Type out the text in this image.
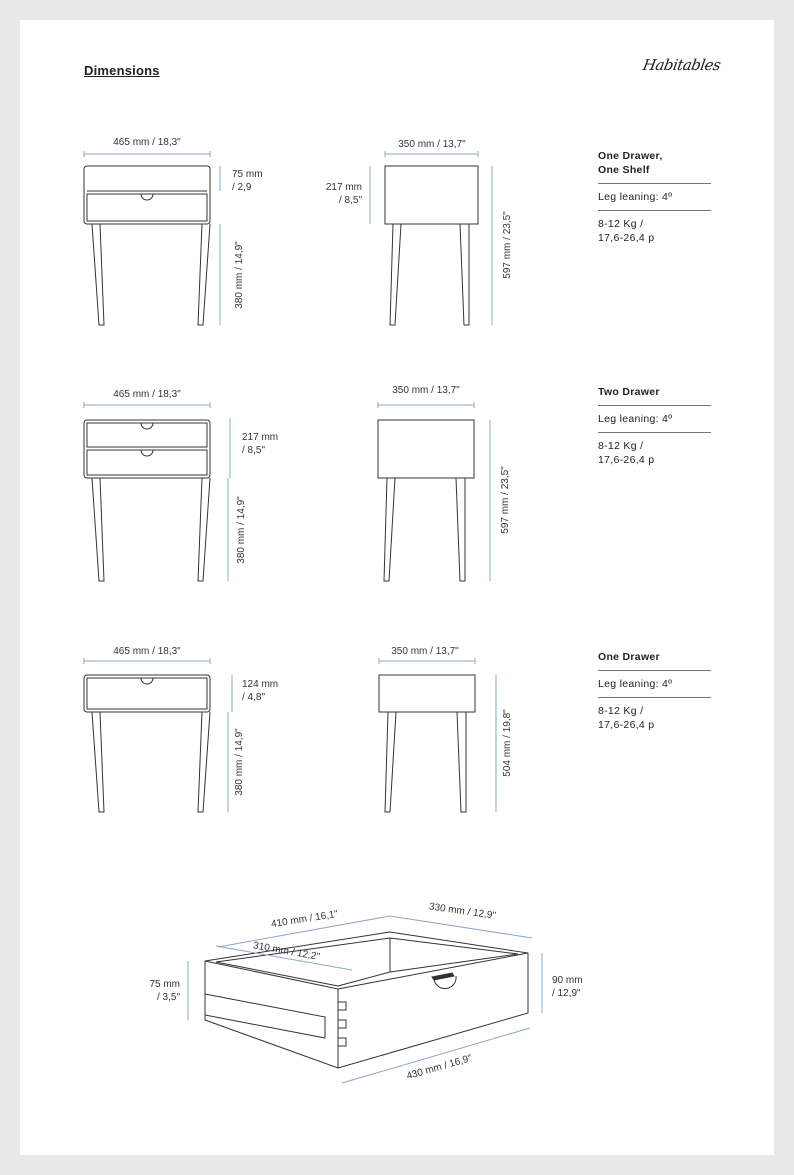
Dimensions	Habitables
465 mm / 18,3"
75 mm
/ 2,9
380 mm / 14,9"
350 mm / 13,7"
217 mm
/ 8,5"
597 mm / 23,5"
465 mm / 18,3"
217 mm
/ 8,5"
380 mm / 14,9"
350 mm / 13,7"
597 mm / 23,5"
465 mm / 18,3"
124 mm
/ 4,8"
380 mm / 14,9"
350 mm / 13,7"
504 mm / 19,8"
410 mm / 16,1"	330 mm / 12,9"
310 mm / 12,2"
75 mm
/ 3,5"
90 mm
/ 12,9"
430 mm / 16,9"
One Drawer,
One Shelf
Leg leaning: 4º
8-12 Kg /
17,6-26,4 p
Two Drawer
Leg leaning: 4º
8-12 Kg /
17,6-26,4 p
One Drawer
Leg leaning: 4º
8-12 Kg /
17,6-26,4 p
